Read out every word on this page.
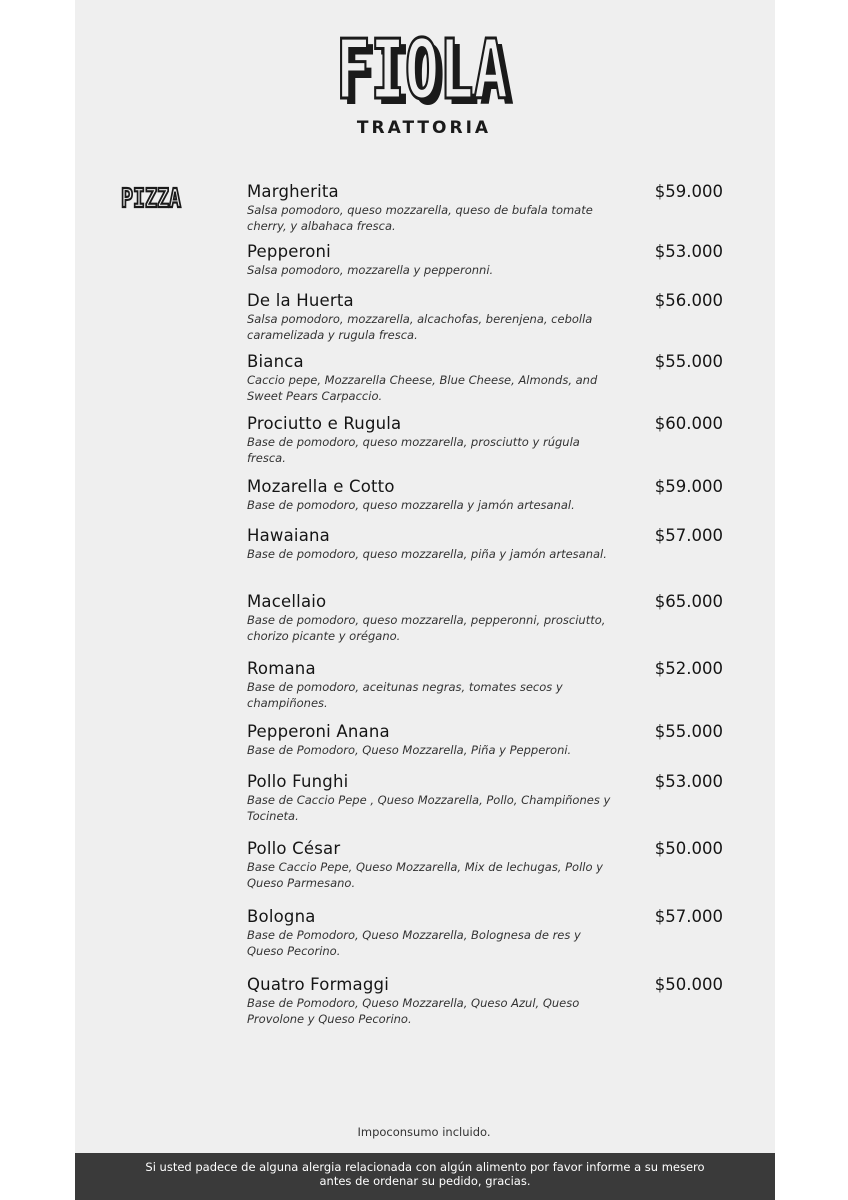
FIOLA
FIOLA
TRATTORIA
PIZZA	Margherita
Salsa pomodoro, queso mozzarella, queso de bufala tomate cherry, y albahaca fresca.
$59.000
Pepperoni
Salsa pomodoro, mozzarella y pepperonni.
$53.000
De la Huerta
Salsa pomodoro, mozzarella, alcachofas, berenjena, cebolla caramelizada y rugula fresca.
$56.000
Bianca
Caccio pepe, Mozzarella Cheese, Blue Cheese, Almonds, and Sweet Pears Carpaccio.
$55.000
Prociutto e Rugula
Base de pomodoro, queso mozzarella, prosciutto y rúgula fresca.
$60.000
Mozarella e Cotto
Base de pomodoro, queso mozzarella y jamón artesanal.
$59.000
Hawaiana
Base de pomodoro, queso mozzarella, piña y jamón artesanal.
$57.000
Macellaio
Base de pomodoro, queso mozzarella, pepperonni, prosciutto, chorizo picante y orégano.
$65.000
Romana
Base de pomodoro, aceitunas negras, tomates secos y champiñones.
$52.000
Pepperoni Anana
Base de Pomodoro, Queso Mozzarella, Piña y Pepperoni.
$55.000
Pollo Funghi
Base de Caccio Pepe , Queso Mozzarella, Pollo, Champiñones y Tocineta.
$53.000
Pollo César
Base Caccio Pepe, Queso Mozzarella, Mix de lechugas, Pollo y Queso Parmesano.
$50.000
Bologna
Base de Pomodoro, Queso Mozzarella, Bolognesa de res y Queso Pecorino.
$57.000
Quatro Formaggi
Base de Pomodoro, Queso Mozzarella, Queso Azul, Queso Provolone y Queso Pecorino.
$50.000
Impoconsumo incluido.
Si usted padece de alguna alergia relacionada con algún alimento por favor informe a su mesero
antes de ordenar su pedido, gracias.
